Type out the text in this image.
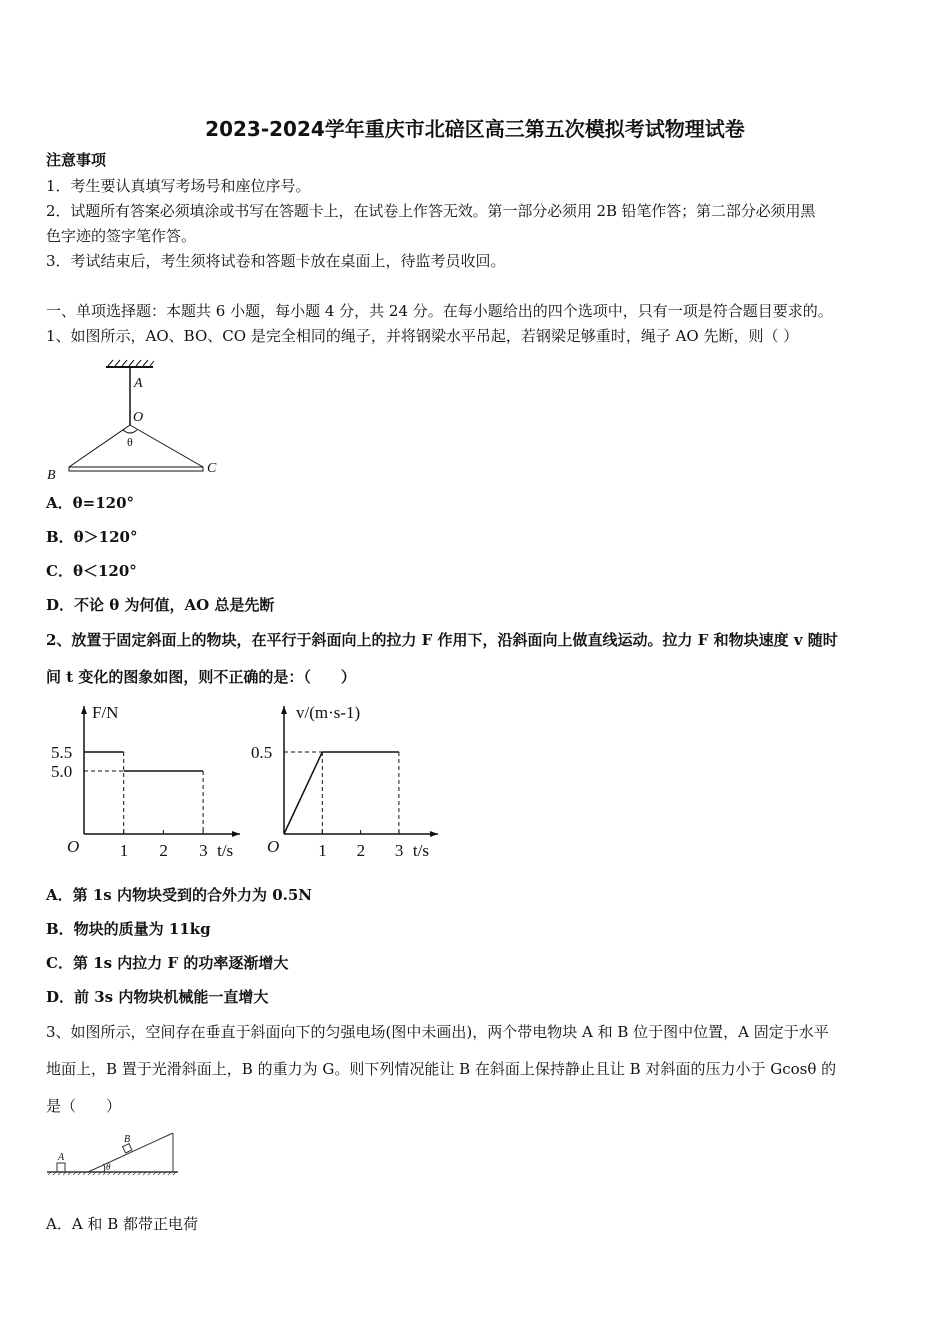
2023-2024学年重庆市北碚区高三第五次模拟考试物理试卷
注意事项
1．考生要认真填写考场号和座位序号。
2．试题所有答案必须填涂或书写在答题卡上，在试卷上作答无效。第一部分必须用 2B 铅笔作答；第二部分必须用黑
色字迹的签字笔作答。
3．考试结束后，考生须将试卷和答题卡放在桌面上，待监考员收回。
一、单项选择题：本题共 6 小题，每小题 4 分，共 24 分。在每小题给出的四个选项中，只有一项是符合题目要求的。
1、如图所示，AO、BO、CO 是完全相同的绳子，并将钢梁水平吊起，若钢梁足够重时，绳子 AO 先断，则（ ）
A．θ=120°
B．θ＞120°
C．θ＜120°
D．不论 θ 为何值，AO 总是先断
2、放置于固定斜面上的物块，在平行于斜面向上的拉力 F 作用下，沿斜面向上做直线运动。拉力 F 和物块速度 v 随时
间 t 变化的图象如图，则不正确的是：（　　）
A．第 1s 内物块受到的合外力为 0.5N
B．物块的质量为 11kg
C．第 1s 内拉力 F 的功率逐渐增大
D．前 3s 内物块机械能一直增大
3、如图所示，空间存在垂直于斜面向下的匀强电场(图中未画出)，两个带电物块 A 和 B 位于图中位置，A 固定于水平
地面上，B 置于光滑斜面上，B 的重力为 G。则下列情况能让 B 在斜面上保持静止且让 B 对斜面的压力小于 Gcosθ 的
是（　　）
A．A 和 B 都带正电荷
A
O
θ
B	C
1 2 3
O	t/s
F/N
5.5
5.0
1 2 3
O	t/s
v/(m·s-1)
0.5
A
B
θ
